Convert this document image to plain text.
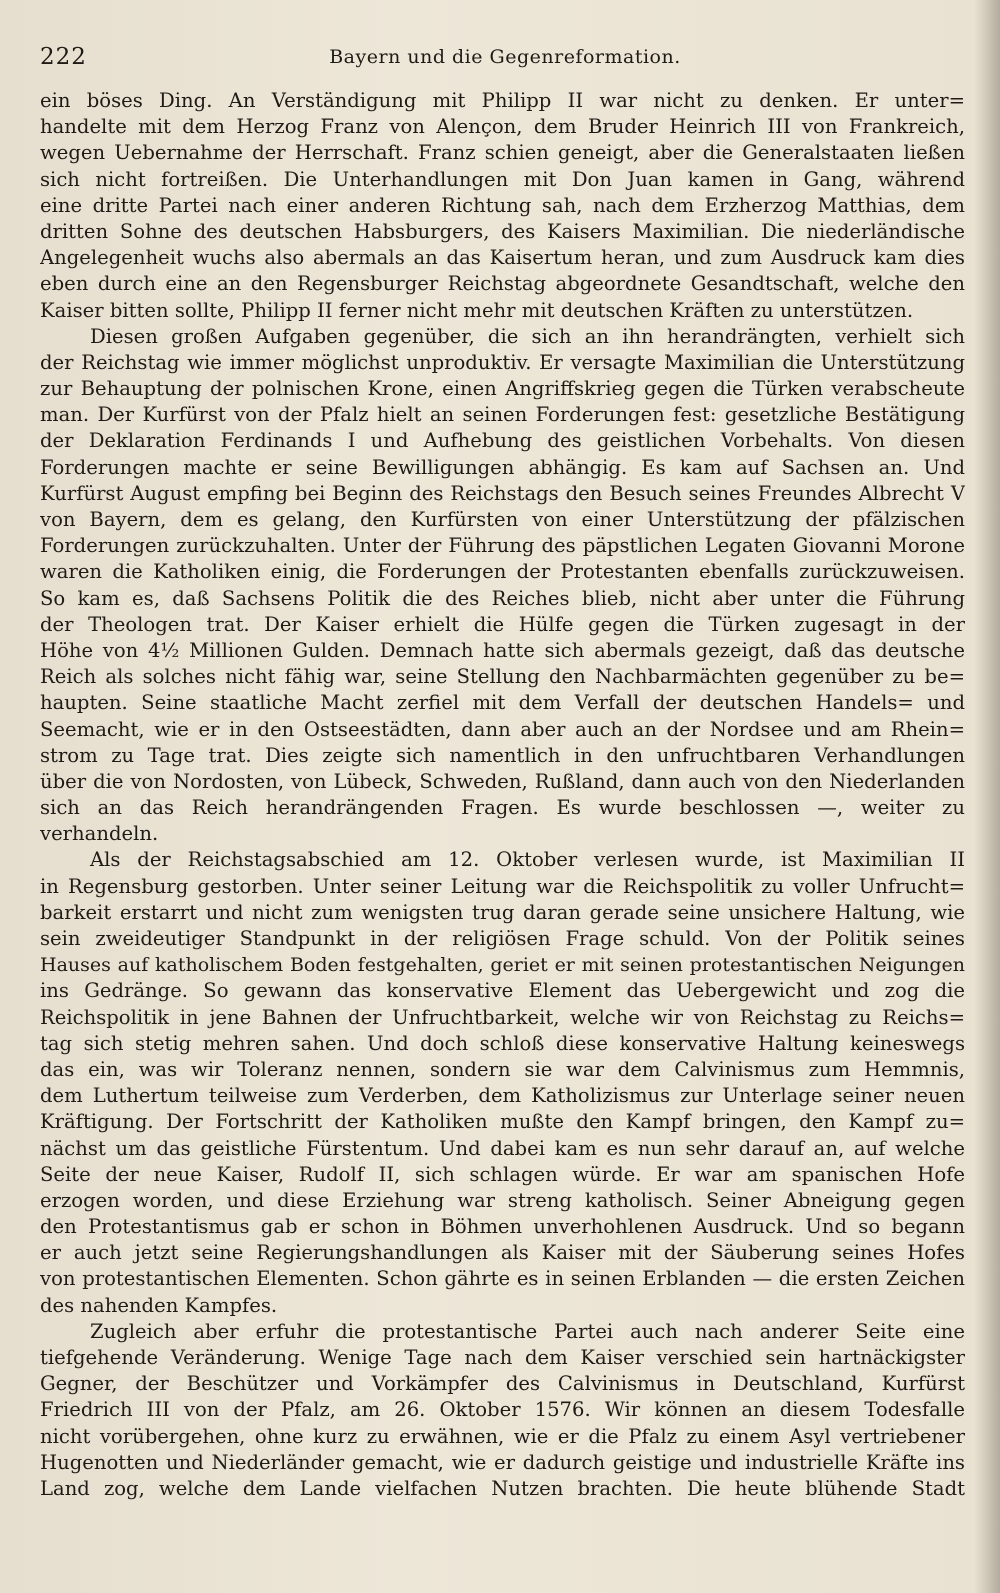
222	Bayern und die Gegenreformation.
ein böses Ding. An Verständigung mit Philipp II war nicht zu denken. Er unter=
handelte mit dem Herzog Franz von Alençon, dem Bruder Heinrich III von Frankreich,
wegen Uebernahme der Herrschaft. Franz schien geneigt, aber die Generalstaaten ließen
sich nicht fortreißen. Die Unterhandlungen mit Don Juan kamen in Gang, während
eine dritte Partei nach einer anderen Richtung sah, nach dem Erzherzog Matthias, dem
dritten Sohne des deutschen Habsburgers, des Kaisers Maximilian. Die niederländische
Angelegenheit wuchs also abermals an das Kaisertum heran, und zum Ausdruck kam dies
eben durch eine an den Regensburger Reichstag abgeordnete Gesandtschaft, welche den
Kaiser bitten sollte, Philipp II ferner nicht mehr mit deutschen Kräften zu unterstützen.
Diesen großen Aufgaben gegenüber, die sich an ihn herandrängten, verhielt sich
der Reichstag wie immer möglichst unproduktiv. Er versagte Maximilian die Unterstützung
zur Behauptung der polnischen Krone, einen Angriffskrieg gegen die Türken verabscheute
man. Der Kurfürst von der Pfalz hielt an seinen Forderungen fest: gesetzliche Bestätigung
der Deklaration Ferdinands I und Aufhebung des geistlichen Vorbehalts. Von diesen
Forderungen machte er seine Bewilligungen abhängig. Es kam auf Sachsen an. Und
Kurfürst August empfing bei Beginn des Reichstags den Besuch seines Freundes Albrecht V
von Bayern, dem es gelang, den Kurfürsten von einer Unterstützung der pfälzischen
Forderungen zurückzuhalten. Unter der Führung des päpstlichen Legaten Giovanni Morone
waren die Katholiken einig, die Forderungen der Protestanten ebenfalls zurückzuweisen.
So kam es, daß Sachsens Politik die des Reiches blieb, nicht aber unter die Führung
der Theologen trat. Der Kaiser erhielt die Hülfe gegen die Türken zugesagt in der
Höhe von 4½ Millionen Gulden. Demnach hatte sich abermals gezeigt, daß das deutsche
Reich als solches nicht fähig war, seine Stellung den Nachbarmächten gegenüber zu be=
haupten. Seine staatliche Macht zerfiel mit dem Verfall der deutschen Handels= und
Seemacht, wie er in den Ostseestädten, dann aber auch an der Nordsee und am Rhein=
strom zu Tage trat. Dies zeigte sich namentlich in den unfruchtbaren Verhandlungen
über die von Nordosten, von Lübeck, Schweden, Rußland, dann auch von den Niederlanden
sich an das Reich herandrängenden Fragen. Es wurde beschlossen —, weiter zu
verhandeln.
Als der Reichstagsabschied am 12. Oktober verlesen wurde, ist Maximilian II
in Regensburg gestorben. Unter seiner Leitung war die Reichspolitik zu voller Unfrucht=
barkeit erstarrt und nicht zum wenigsten trug daran gerade seine unsichere Haltung, wie
sein zweideutiger Standpunkt in der religiösen Frage schuld. Von der Politik seines
Hauses auf katholischem Boden festgehalten, geriet er mit seinen protestantischen Neigungen
ins Gedränge. So gewann das konservative Element das Uebergewicht und zog die
Reichspolitik in jene Bahnen der Unfruchtbarkeit, welche wir von Reichstag zu Reichs=
tag sich stetig mehren sahen. Und doch schloß diese konservative Haltung keineswegs
das ein, was wir Toleranz nennen, sondern sie war dem Calvinismus zum Hemmnis,
dem Luthertum teilweise zum Verderben, dem Katholizismus zur Unterlage seiner neuen
Kräftigung. Der Fortschritt der Katholiken mußte den Kampf bringen, den Kampf zu=
nächst um das geistliche Fürstentum. Und dabei kam es nun sehr darauf an, auf welche
Seite der neue Kaiser, Rudolf II, sich schlagen würde. Er war am spanischen Hofe
erzogen worden, und diese Erziehung war streng katholisch. Seiner Abneigung gegen
den Protestantismus gab er schon in Böhmen unverhohlenen Ausdruck. Und so begann
er auch jetzt seine Regierungshandlungen als Kaiser mit der Säuberung seines Hofes
von protestantischen Elementen. Schon gährte es in seinen Erblanden — die ersten Zeichen
des nahenden Kampfes.
Zugleich aber erfuhr die protestantische Partei auch nach anderer Seite eine
tiefgehende Veränderung. Wenige Tage nach dem Kaiser verschied sein hartnäckigster
Gegner, der Beschützer und Vorkämpfer des Calvinismus in Deutschland, Kurfürst
Friedrich III von der Pfalz, am 26. Oktober 1576. Wir können an diesem Todesfalle
nicht vorübergehen, ohne kurz zu erwähnen, wie er die Pfalz zu einem Asyl vertriebener
Hugenotten und Niederländer gemacht, wie er dadurch geistige und industrielle Kräfte ins
Land zog, welche dem Lande vielfachen Nutzen brachten. Die heute blühende Stadt
